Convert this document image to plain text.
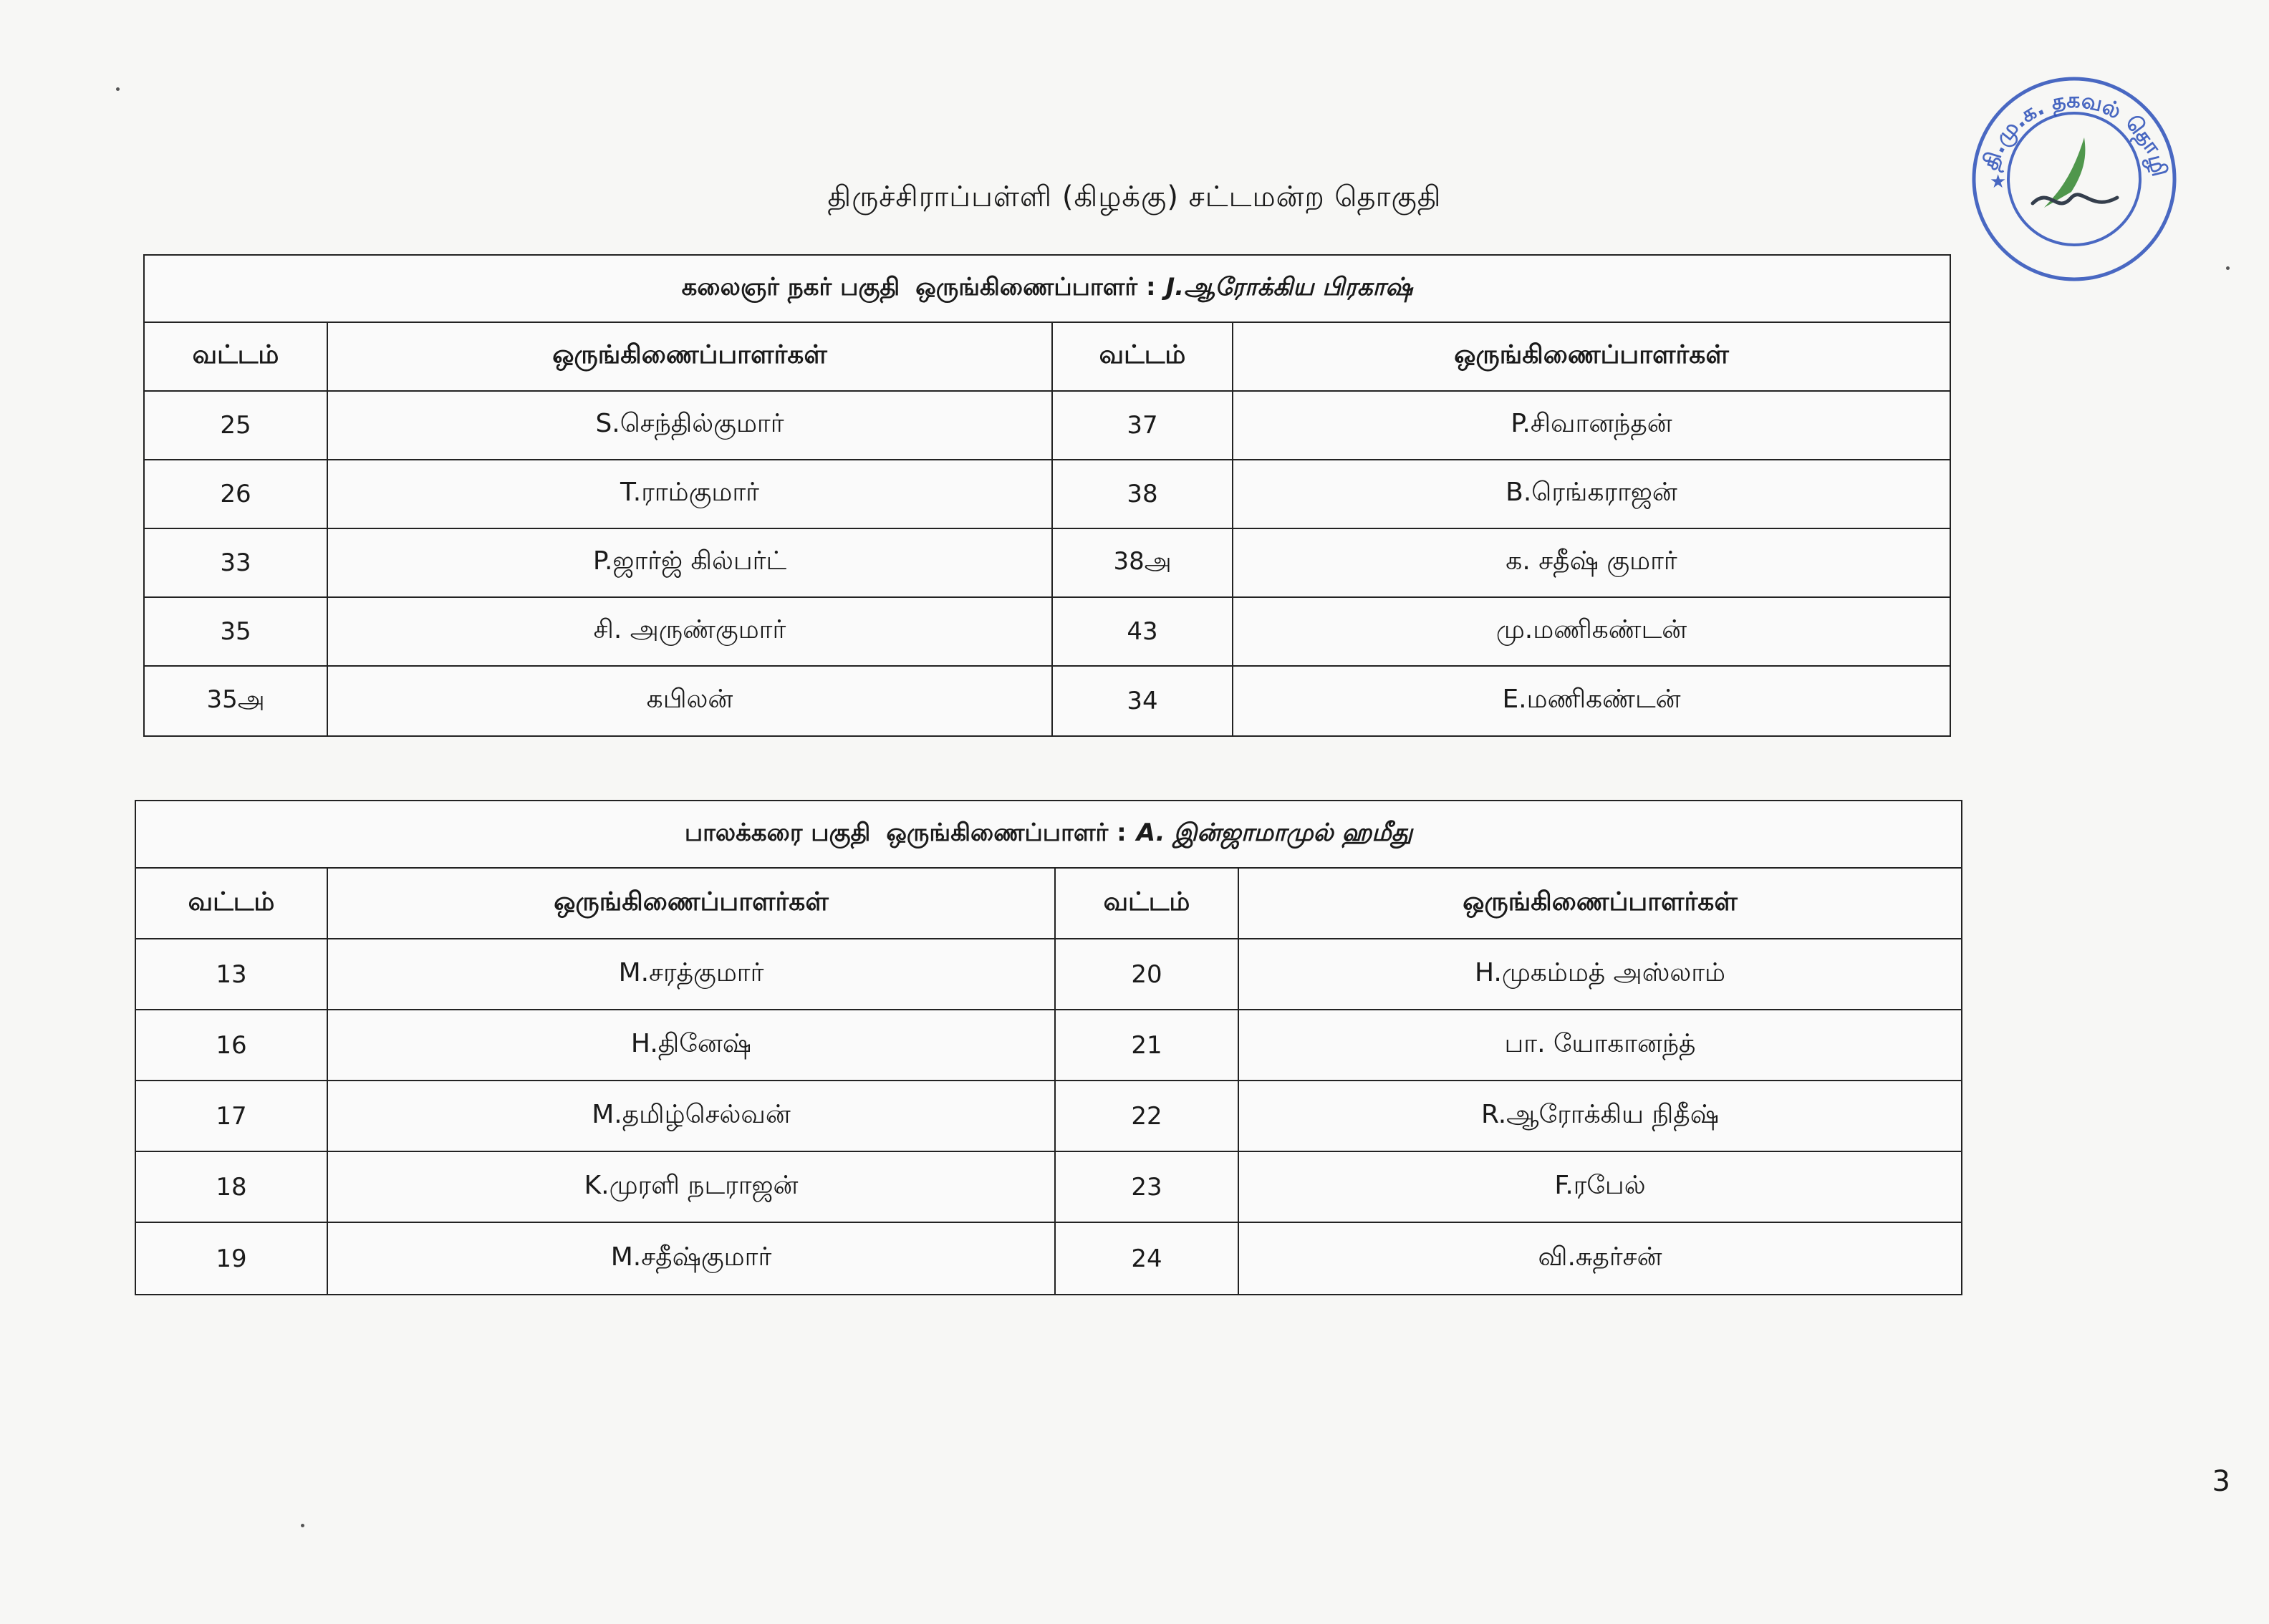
திருச்சிராப்பள்ளி (கிழக்கு) சட்டமன்ற தொகுதி
தி.மு.க. தகவல் தொழி
★
கலைஞர் நகர் பகுதி ஒருங்கிணைப்பாளர் : J.ஆரோக்கிய பிரகாஷ்
வட்டம்	ஒருங்கிணைப்பாளர்கள்	வட்டம்	ஒருங்கிணைப்பாளர்கள்
25	S.செந்தில்குமார்	37	P.சிவானந்தன்
26	T.ராம்குமார்	38	B.ரெங்கராஜன்
33	P.ஜார்ஜ் கில்பர்ட்	38அ	க. சதீஷ் குமார்
35	சி. அருண்குமார்	43	மு.மணிகண்டன்
35அ	கபிலன்	34	E.மணிகண்டன்
பாலக்கரை பகுதி ஒருங்கிணைப்பாளர் : A. இன்ஜாமாமுல் ஹமீது
வட்டம்	ஒருங்கிணைப்பாளர்கள்	வட்டம்	ஒருங்கிணைப்பாளர்கள்
13	M.சரத்குமார்	20	H.முகம்மத் அஸ்லாம்
16	H.தினேஷ்	21	பா. யோகானந்த்
17	M.தமிழ்செல்வன்	22	R.ஆரோக்கிய நிதீஷ்
18	K.முரளி நடராஜன்	23	F.ரபேல்
19	M.சதீஷ்குமார்	24	வி.சுதர்சன்
3
